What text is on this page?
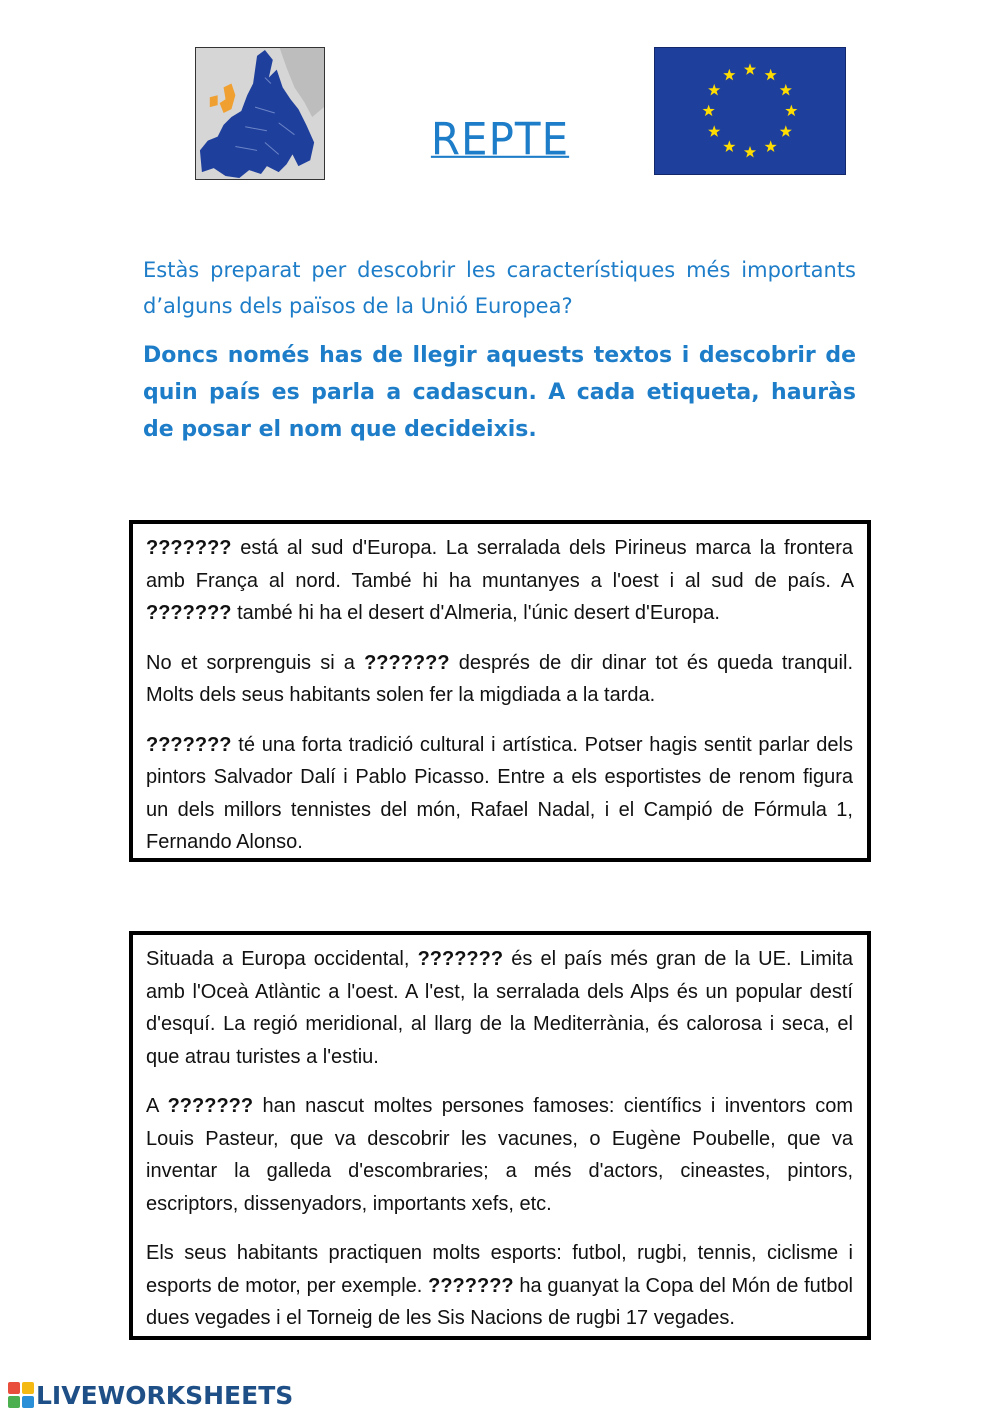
REPTE

Estàs preparat per descobrir les característiques més importants d’alguns dels països de la Unió Europea?

Doncs només has de llegir aquests textos i descobrir de quin país es parla a cadascun. A cada etiqueta, hauràs de posar el nom que decideixis.

??????? está al sud d'Europa. La serralada dels Pirineus marca la frontera amb França al nord. També hi ha muntanyes a l'oest i al sud de país. A ??????? també hi ha el desert d'Almeria, l'únic desert d'Europa.

No et sorprenguis si a ??????? després de dir dinar tot és queda tranquil. Molts dels seus habitants solen fer la migdiada a la tarda.

??????? té una forta tradició cultural i artística. Potser hagis sentit parlar dels pintors Salvador Dalí i Pablo Picasso. Entre a els esportistes de renom figura un dels millors tennistes del món, Rafael Nadal, i el Campió de Fórmula 1, Fernando Alonso.

Situada a Europa occidental, ??????? és el país més gran de la UE. Limita amb l'Oceà Atlàntic a l'oest. A l'est, la serralada dels Alps és un popular destí d'esquí. La regió meridional, al llarg de la Mediterrània, és calorosa i seca, el que atrau turistes a l'estiu.

A ??????? han nascut moltes persones famoses: científics i inventors com Louis Pasteur, que va descobrir les vacunes, o Eugène Poubelle, que va inventar la galleda d'escombraries; a més d'actors, cineastes, pintors, escriptors, dissenyadors, importants xefs, etc.

Els seus habitants practiquen molts esports: futbol, rugbi, tennis, ciclisme i esports de motor, per exemple. ??????? ha guanyat la Copa del Món de futbol dues vegades i el Torneig de les Sis Nacions de rugbi 17 vegades.

LIVEWORKSHEETS
